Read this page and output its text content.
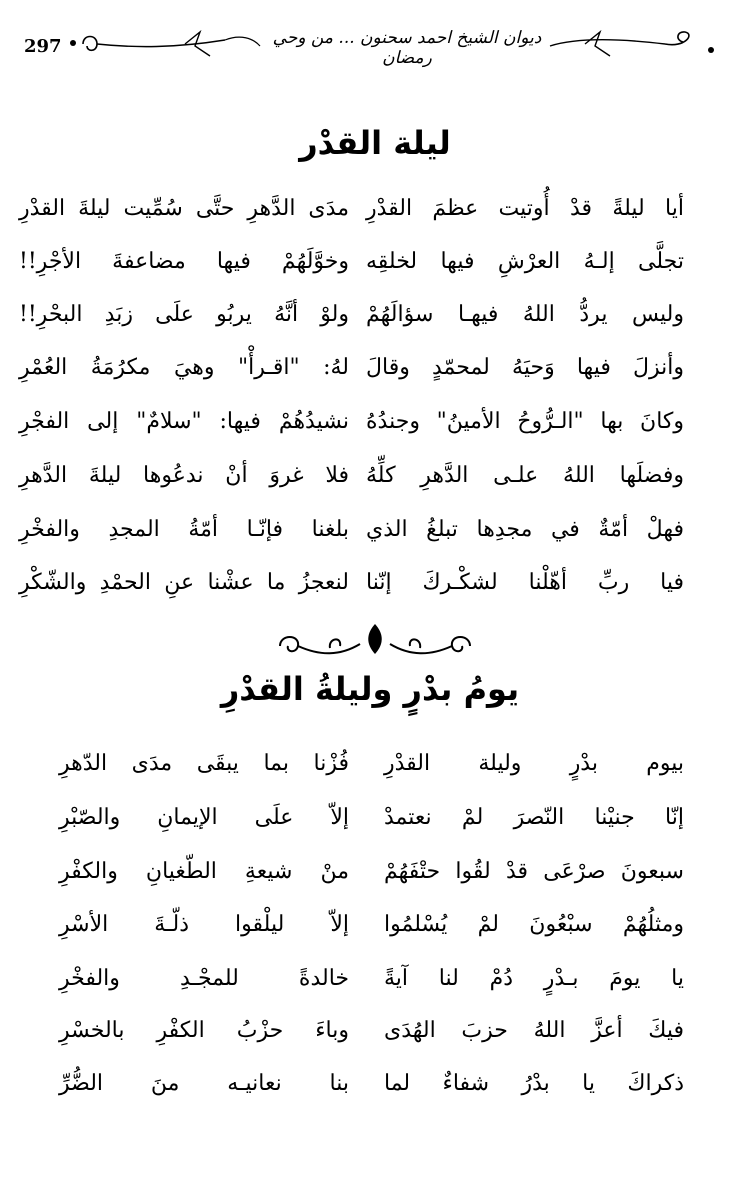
297	ديوان الشيخ احمد سحنون ... من وحي رمضان
ليلة القدْر
أيا ليلةً قدْ أُوتيت عظمَ القدْرِ
مدَى الدَّهرِ حتَّى سُمِّيت ليلةَ القدْرِ
تجلَّى إلـهُ العرْشِ فيها لخلقِه
وخوَّلَهُمْ فيها مضاعفةَ الأجْرِ!!
وليس يردُّ اللهُ فيهـا سؤالَهُمْ
ولوْ أنَّهُ يربُو علَى زبَدِ البحْرِ!!
وأنزلَ فيها وَحيَهُ لمحمّدٍ وقالَ
لهُ: "اقـرأْ" وهيَ مكرُمَةُ العُمْرِ
وكانَ بها "الـرُّوحُ الأمينُ" وجندُهُ
نشيدُهُمْ فيها: "سلامٌ" إلى الفجْرِ
وفضلَها اللهُ علـى الدَّهرِ كلِّهُ
فلا غروَ أنْ ندعُوها ليلةَ الدَّهرِ
فهلْ أمّةٌ في مجدِها تبلغُ الذي
بلغنا فإنّـا أمّةُ المجدِ والفخْرِ
فيا ربِّ أهّلْنا لشكْـركَ إنّنا
لنعجزُ ما عشْنا عنِ الحمْدِ والشّكْرِ
يومُ بدْرٍ وليلةُ القدْرِ
بيوم بدْرٍ وليلة القدْرِ
فُزْنا بما يبقَى مدَى الدّهرِ
إنّا جنيْنا النّصرَ لمْ نعتمدْ
إلاّ علَى الإيمانِ والصّبْرِ
سبعونَ صرْعَى قدْ لقُوا حتْفَهُمْ
منْ شيعةِ الطّغيانِ والكفْرِ
ومثلُهُمْ سبْعُونَ لمْ يُسْلمُوا
إلاّ ليلْقوا ذلّـةَ الأسْرِ
يا يومَ بـدْرٍ دُمْ لنا آيةً
خالدةً للمجْـدِ والفخْرِ
فيكَ أعزَّ اللهُ حزبَ الهُدَى
وباءَ حزْبُ الكفْرِ بالخسْرِ
ذكراكَ يا بدْرُ شفاءٌ لما
بنا نعانيـه منَ الضُّرِّ
